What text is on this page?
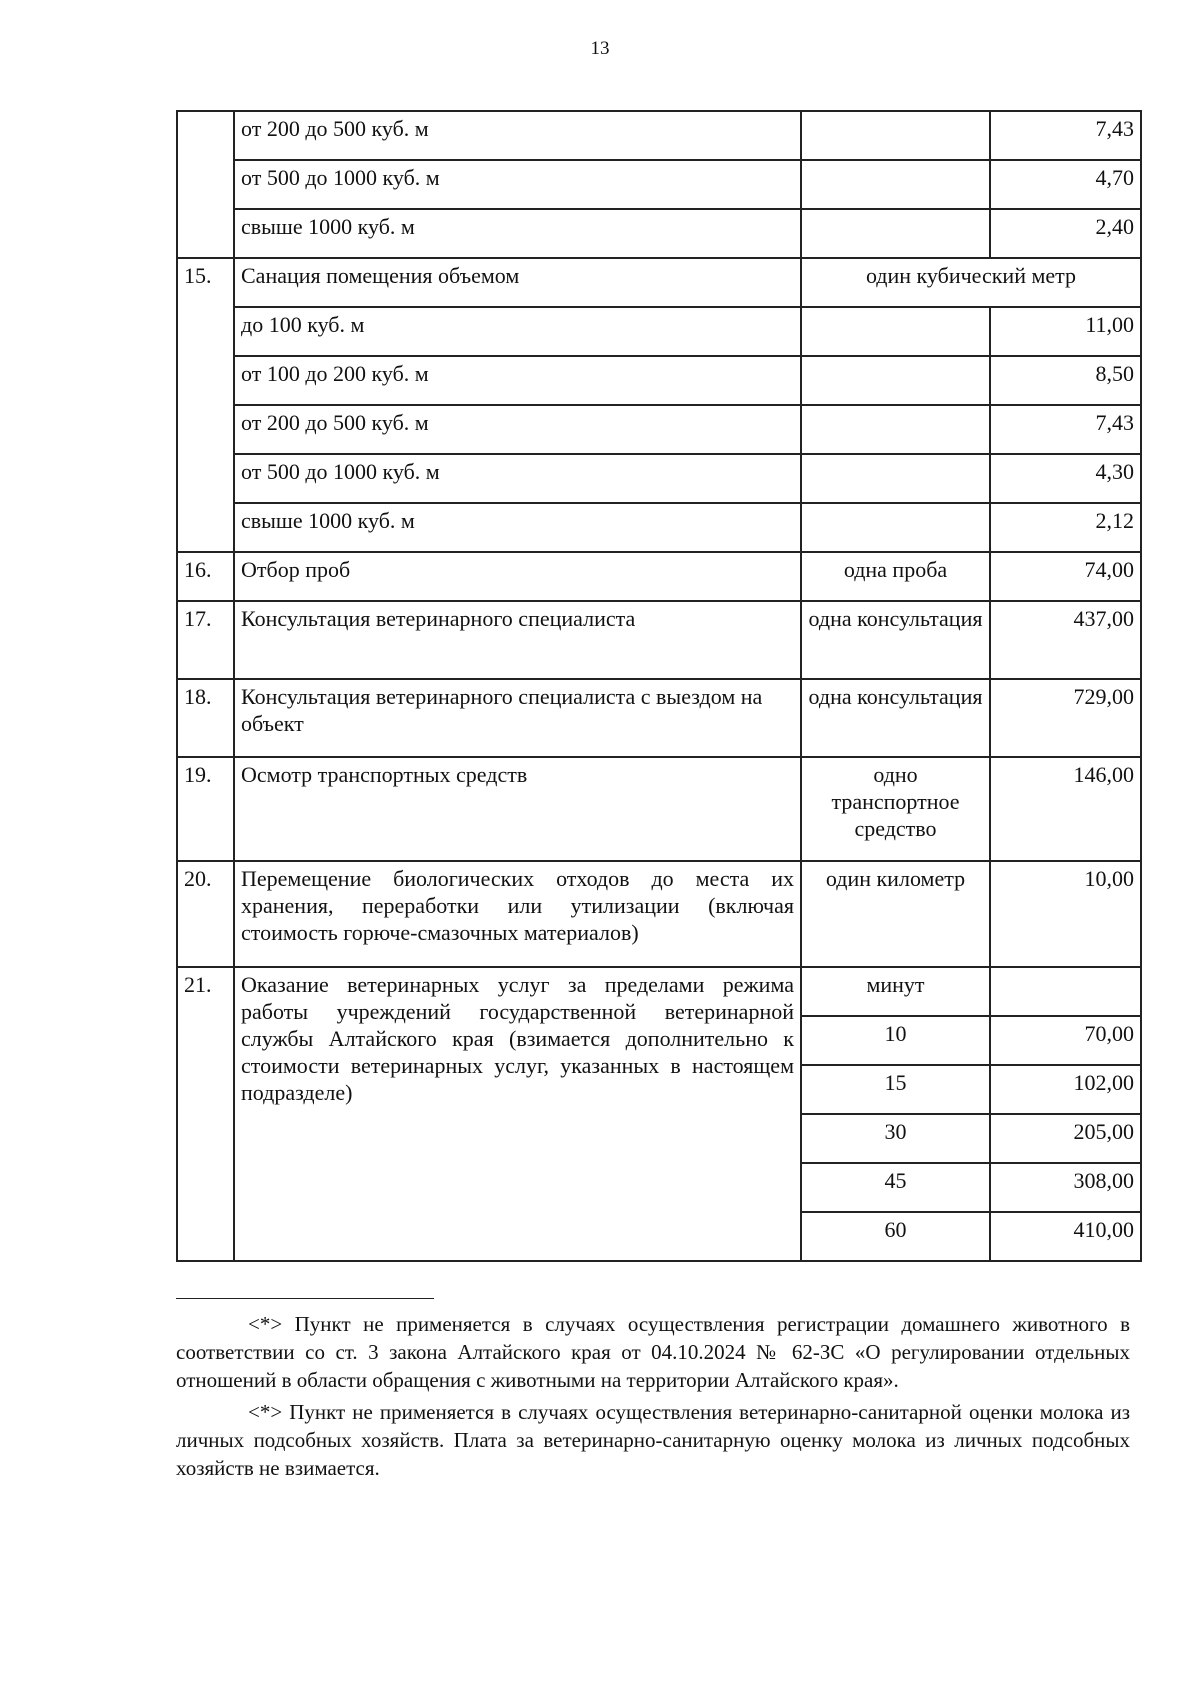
13
	от 200 до 500 куб. м		7,43
	от 500 до 1000 куб. м		4,70
	свыше 1000 куб. м		2,40
15.	Санация помещения объемом	один кубический метр	
	до 100 куб. м		11,00
	от 100 до 200 куб. м		8,50
	от 200 до 500 куб. м		7,43
	от 500 до 1000 куб. м		4,30
	свыше 1000 куб. м		2,12
16.	Отбор проб	одна проба	74,00
17.	Консультация ветеринарного специалиста	одна консультация	437,00
18.	Консультация ветеринарного специалиста с выездом на объект	одна консультация	729,00
19.	Осмотр транспортных средств	одно транспортное средство	146,00
20.	Перемещение биологических отходов до места их хранения, переработки или утилизации (включая стоимость горюче-смазочных материалов)	один километр	10,00
21.	Оказание ветеринарных услуг за пределами режима работы учреждений государственной ветеринарной службы Алтайского края (взимается дополнительно к стоимости ветеринарных услуг, указанных в настоящем подразделе)	минут	
		10	70,00
		15	102,00
		30	205,00
		45	308,00
		60	410,00

<*> Пункт не применяется в случаях осуществления регистрации домашнего животного в соответствии со ст. 3 закона Алтайского края от 04.10.2024 № 62-ЗС «О регулировании отдельных отношений в области обращения с животными на территории Алтайского края».

<*> Пункт не применяется в случаях осуществления ветеринарно-санитарной оценки молока из личных подсобных хозяйств. Плата за ветеринарно-санитарную оценку молока из личных подсобных хозяйств не взимается.
